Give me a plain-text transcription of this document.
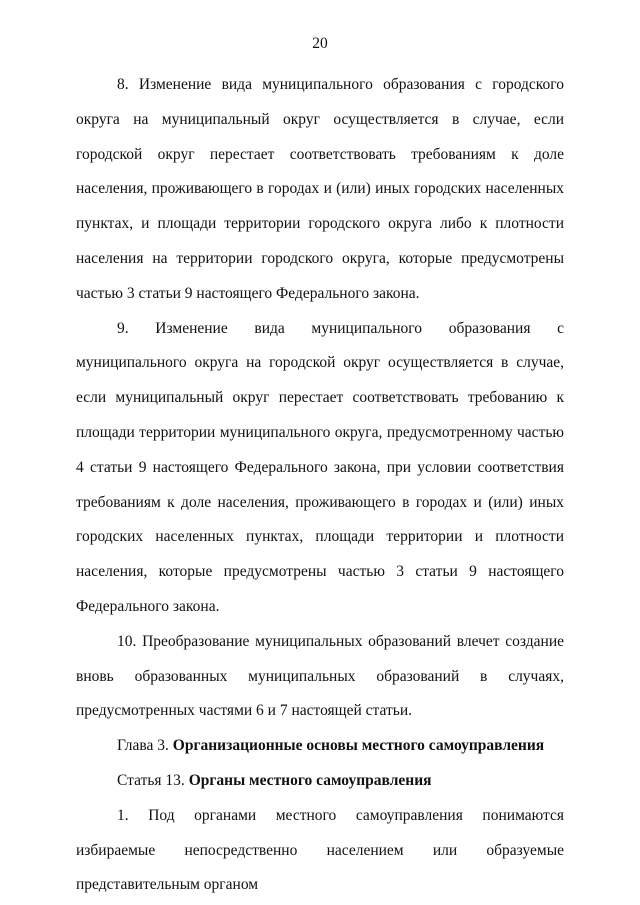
20

8. Изменение вида муниципального образования с городского округа на муниципальный округ осуществляется в случае, если городской округ перестает соответствовать требованиям к доле населения, проживающего в городах и (или) иных городских населенных пунктах, и площади территории городского округа либо к плотности населения на территории городского округа, которые предусмотрены частью 3 статьи 9 настоящего Федерального закона.

9. Изменение вида муниципального образования с муниципального округа на городской округ осуществляется в случае, если муниципальный округ перестает соответствовать требованию к площади территории муниципального округа, предусмотренному частью 4 статьи 9 настоящего Федерального закона, при условии соответствия требованиям к доле населения, проживающего в городах и (или) иных городских населенных пунктах, площади территории и плотности населения, которые предусмотрены частью 3 статьи 9 настоящего Федерального закона.

10. Преобразование муниципальных образований влечет создание вновь образованных муниципальных образований в случаях, предусмотренных частями 6 и 7 настоящей статьи.

Глава 3. Организационные основы местного самоуправления

Статья 13. Органы местного самоуправления

1. Под органами местного самоуправления понимаются избираемые непосредственно населением или образуемые представительным органом
